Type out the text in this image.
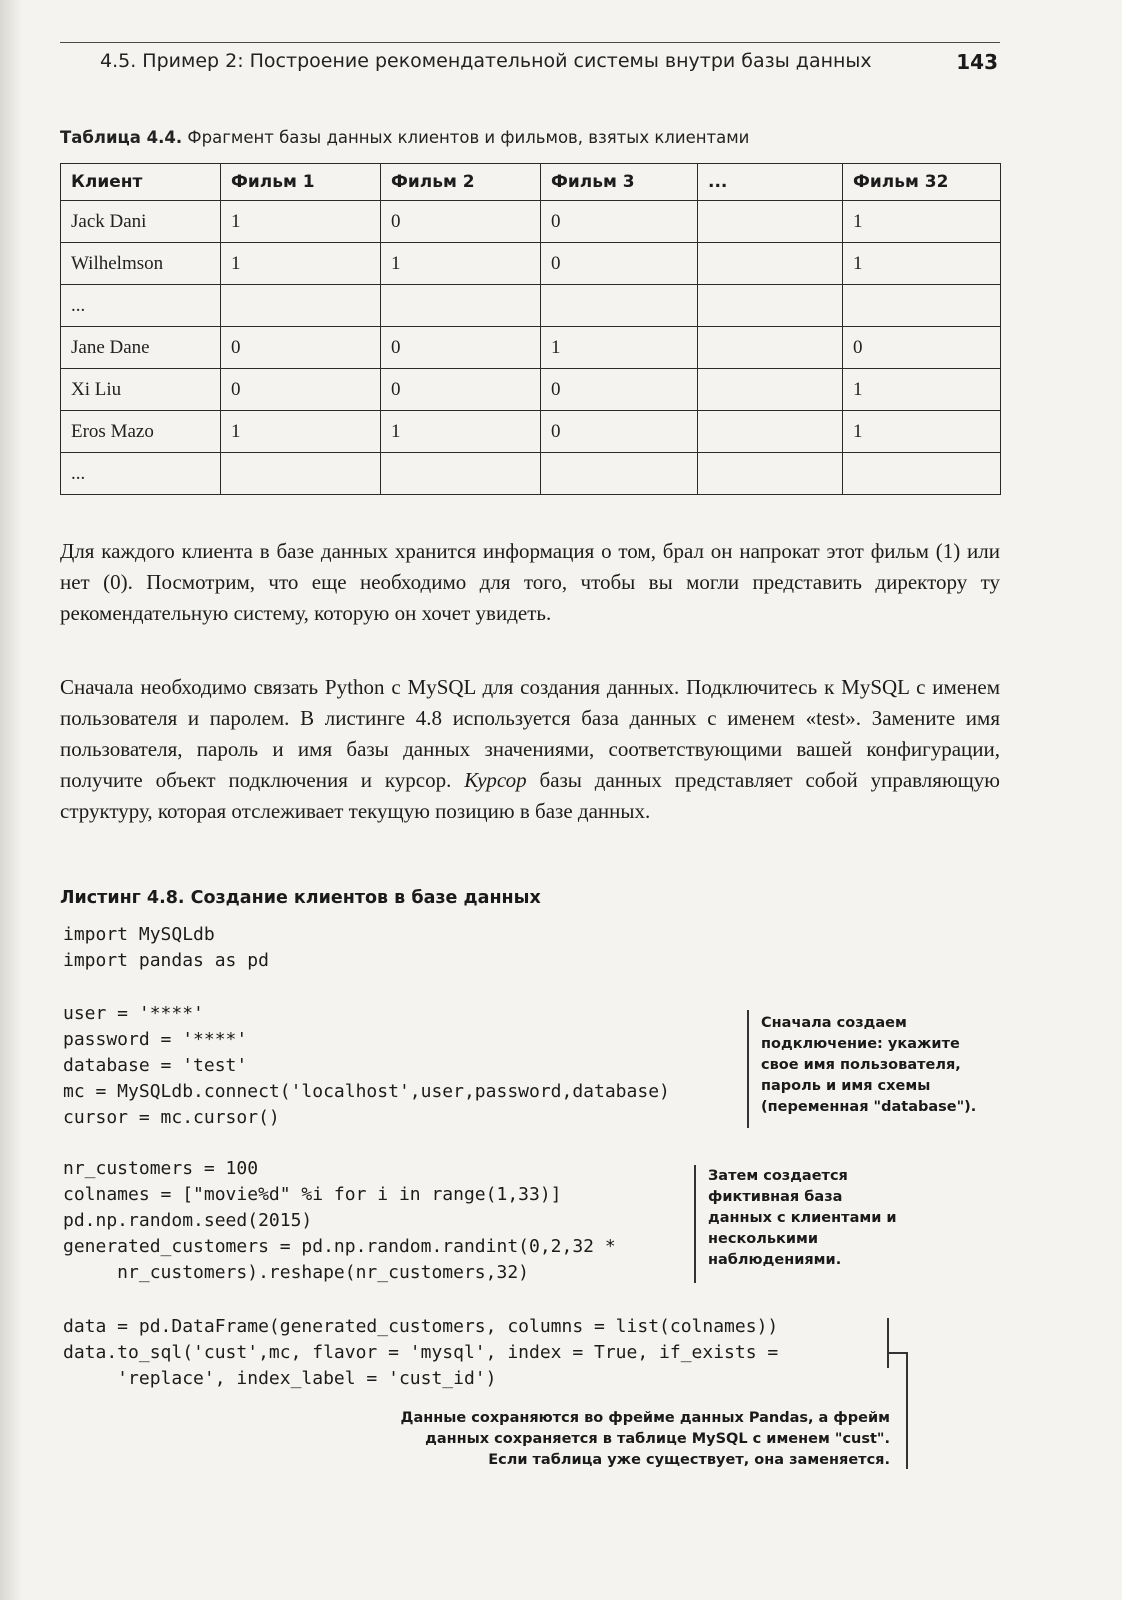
4.5. Пример 2: Построение рекомендательной системы внутри базы данных	143
Таблица 4.4. Фрагмент базы данных клиентов и фильмов, взятых клиентами
Клиент	Фильм 1	Фильм 2	Фильм 3	...	Фильм 32
Jack Dani	1	0	0		1
Wilhelmson	1	1	0		1
...					
Jane Dane	0	0	1		0
Xi Liu	0	0	0		1
Eros Mazo	1	1	0		1
...					
Для каждого клиента в базе данных хранится информация о том, брал он напрокат этот фильм (1) или нет (0). Посмотрим, что еще необходимо для того, чтобы вы могли представить директору ту рекомендательную систему, которую он хочет увидеть.
Сначала необходимо связать Python с MySQL для создания данных. Подключитесь к MySQL с именем пользователя и паролем. В листинге 4.8 используется база данных с именем «test». Замените имя пользователя, пароль и имя базы данных значениями, соответствующими вашей конфигурации, получите объект подключения и курсор. Курсор базы данных представляет собой управляющую структуру, которая отслеживает текущую позицию в базе данных.
Листинг 4.8. Создание клиентов в базе данных
import MySQLdb
import pandas as pd
user = '****'
password = '****'
database = 'test'
mc = MySQLdb.connect('localhost',user,password,database)
cursor = mc.cursor()
nr_customers = 100
colnames = ["movie%d" %i for i in range(1,33)]
pd.np.random.seed(2015)
generated_customers = pd.np.random.randint(0,2,32 *
nr_customers).reshape(nr_customers,32)
data = pd.DataFrame(generated_customers, columns = list(colnames))
data.to_sql('cust',mc, flavor = 'mysql', index = True, if_exists =
'replace', index_label = 'cust_id')
Сначала создаем подключение: укажите свое имя пользователя, пароль и имя схемы (переменная "database").
Затем создается фиктивная база данных с клиентами и несколькими наблюдениями.
Данные сохраняются во фрейме данных Pandas, а фрейм данных сохраняется в таблице MySQL с именем "cust". Если таблица уже существует, она заменяется.
